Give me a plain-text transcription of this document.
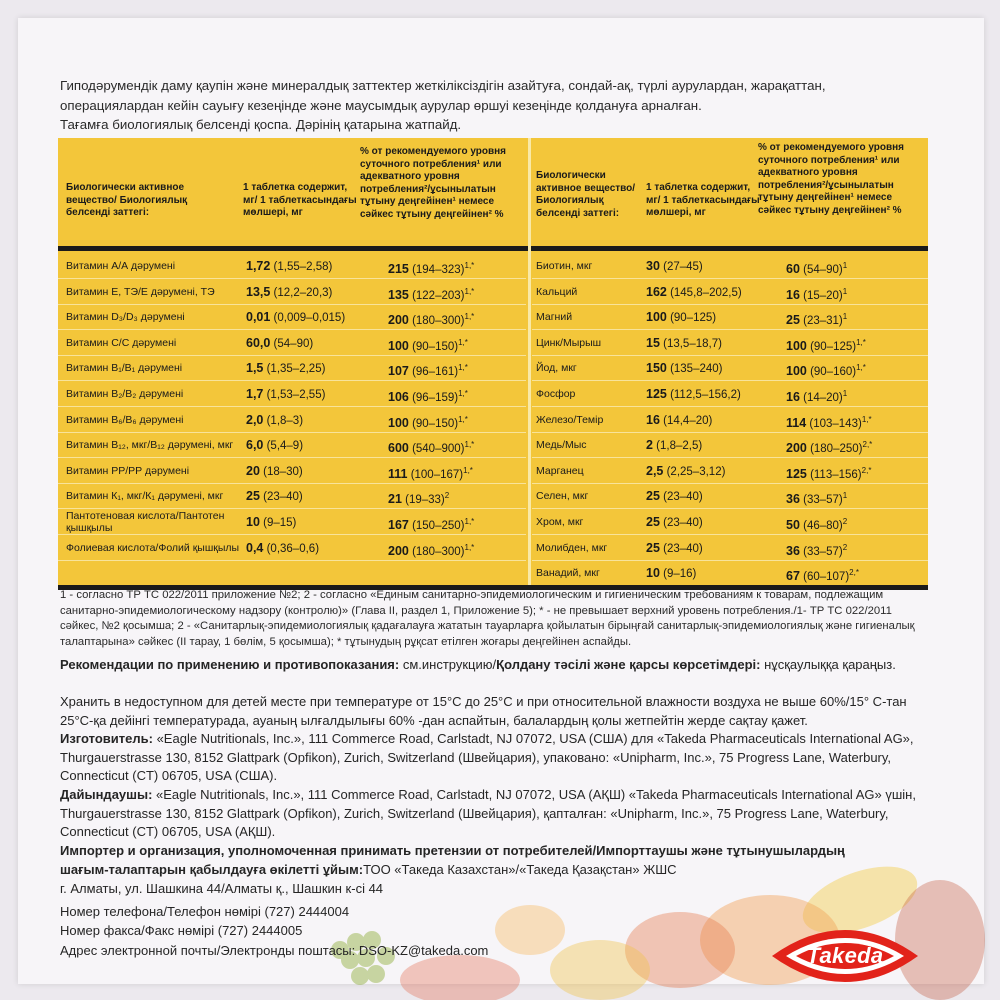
Гиподәрумендік даму қаупін және минералдық заттектер жеткіліксіздігін азайтуға, сондай-ақ, түрлі аурулардан, жарақаттан,

операциялардан кейін сауығу кезеңінде және маусымдық аурулар өршуі кезеңінде қолдануға арналған.

Тағамға биологиялық белсенді қоспа. Дәрінің қатарына жатпайд.

Биологически активное вещество/ Биологиялық белсенді заттегі:
1 таблетка содержит, мг/ 1 таблеткасындағы мөлшері, мг
% от рекомендуемого уровня суточного потребления¹ или адекватного уровня потребления²/ұсынылатын тұтыну деңгейінен¹ немесе сәйкес тұтыну деңгейінен² %
Биологически активное вещество/ Биологиялық белсенді заттегі:
1 таблетка содержит, мг/ 1 таблеткасындағы мөлшері, мг
% от рекомендуемого уровня суточного потребления¹ или адекватного уровня потребления²/ұсынылатын тұтыну деңгейінен¹ немесе сәйкес тұтыну деңгейінен² %
Витамин А/А дәрумені	1,72 (1,55–2,58)	215 $(194-323)^{1,*}$
Витамин Е, ТЭ/Е дәрумені, ТЭ	13,5 (12,2–20,3)	135 $(122-203)^{1,*}$
Витамин D₃/D₃ дәрумені	0,01 (0,009–0,015)	200 $(180-300)^{1,*}$
Витамин С/С дәрумені	60,0 (54–90)	100 $(90-150)^{1,*}$
Витамин В₁/В₁ дәрумені	1,5 (1,35–2,25)	107 $(96-161)^{1,*}$
Витамин В₂/В₂ дәрумені	1,7 (1,53–2,55)	106 $(96-159)^{1,*}$
Витамин В₆/В₆ дәрумені	2,0 (1,8–3)	100 $(90-150)^{1,*}$
Витамин В₁₂, мкг/В₁₂ дәрумені, мкг	6,0 (5,4–9)	600 $(540-900)^{1,*}$
Витамин РР/РР дәрумені	20 (18–30)	111 $(100-167)^{1,*}$
Витамин К₁, мкг/К₁ дәрумені, мкг	25 (23–40)	21 $(19-33)^2$
Пантотеновая кислота/Пантотен қышқылы	10 (9–15)	167 $(150-250)^{1,*}$
Фолиевая кислота/Фолий қышқылы 0,4 (0,36–0,6)	200 $(180-300)^{1,*}$
Биотин, мкг	30 (27–45)	60 $(54-90)^1$
Кальций	162 (145,8–202,5)	16 $(15-20)^1$
Магний	100 (90–125)	25 $(23-31)^1$
Цинк/Мырыш	15 (13,5–18,7)	100 $(90-125)^{1,*}$
Йод, мкг	150 (135–240)	100 $(90-160)^{1,*}$
Фосфор	125 (112,5–156,2)	16 $(14-20)^1$
Железо/Темір	16 (14,4–20)	114 $(103-143)^{1,*}$
Медь/Мыс	2 (1,8–2,5)	200 $(180-250)^{2,*}$
Марганец	2,5 (2,25–3,12)	125 $(113-156)^{2,*}$
Селен, мкг	25 (23–40)	36 $(33-57)^1$
Хром, мкг	25 (23–40)	50 $(46-80)^2$
Молибден, мкг	25 (23–40)	36 $(33-57)^2$
Ванадий, мкг	10 (9–16)	67 $(60-107)^{2,*}$
1 - согласно ТР ТС 022/2011 приложение №2; 2 - согласно «Единым санитарно-эпидемиологическим и гигиеническим требованиям к товарам, подлежащим санитарно-эпидемиологическому надзору (контролю)» (Глава II, раздел 1, Приложение 5); * - не превышает верхний уровень потребления./1- ТР ТС 022/2011 сәйкес, №2 қосымша; 2 - «Санитарлық-эпидемиологиялық қадағалауға жататын тауарларға қойылатын бірыңғай санитарлық-эпидемиологиялық және гигиеналық талаптарына» сәйкес (ІІ тарау, 1 бөлім, 5 қосымша); * тұтынудың рұқсат етілген жоғары деңгейінен аспайды.
Рекомендации по применению и противопоказания: см.инструкцию/Қолдану тәсілі және қарсы көрсетімдері: нұсқаулыққа қараңыз.
Хранить в недоступном для детей месте при температуре от 15°С до 25°С и при относительной влажности воздуха не выше 60%/15° С-тан 25°С-қа дейінгі температурада, ауаның ылғалдылығы 60% -дан аспайтын, балалардың қолы жетпейтін жерде сақтау қажет.
Изготовитель: «Eagle Nutritionals, Inc.», 111 Commerce Road, Carlstadt, NJ 07072, USA (США) для «Takeda Pharmaceuticals International AG», Thurgauerstrasse 130, 8152 Glattpark (Opfikon), Zurich, Switzerland (Швейцария), упаковано: «Unipharm, Inc.», 75 Progress Lane, Waterbury, Connecticut (CT) 06705, USA (США).
Дайындаушы: «Eagle Nutritionals, Inc.», 111 Commerce Road, Carlstadt, NJ 07072, USA (АҚШ) «Takeda Pharmaceuticals International AG» үшін, Thurgauerstrasse 130, 8152 Glattpark (Opfikon), Zurich, Switzerland (Швейцария), қапталған: «Unipharm, Inc.», 75 Progress Lane, Waterbury, Connecticut (CT) 06705, USA (АҚШ).
Импортер и организация, уполномоченная принимать претензии от потребителей/Импорттаушы және тұтынушылардың шағым-талаптарын қабылдауға өкілетті ұйым:ТОО «Такеда Казахстан»/«Такеда Қазақстан» ЖШС
г. Алматы, ул. Шашкина 44/Алматы қ., Шашкин к-сі 44
Номер телефона/Телефон нөмірі (727) 2444004
Номер факса/Факс нөмірі (727) 2444005
Адрес электронной почты/Электронды поштасы: DSO-KZ@takeda.com	Takeda
